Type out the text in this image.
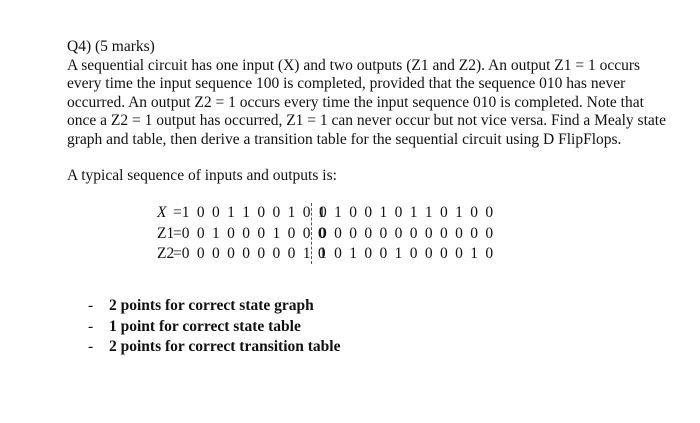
Q4) (5 marks)
A sequential circuit has one input (X) and two outputs (Z1 and Z2). An output Z1 = 1 occurs
every time the input sequence 100 is completed, provided that the sequence 010 has never
occurred. An output Z2 = 1 occurs every time the input sequence 010 is completed. Note that
once a Z2 = 1 output has occurred, Z1 = 1 can never occur but not vice versa. Find a Mealy state
graph and table, then derive a transition table for the sequential circuit using D FlipFlops.
A typical sequence of inputs and outputs is:
X=1 0 0 1 1 0 0 1 0 1
0 1 0 0 1 0 1 1 0 1 0 0
Z1=0 0 1 0 0 0 1 0 0 0
0 0 0 0 0 0 0 0 0 0 0 0
Z2=0 0 0 0 0 0 0 0 1 0
1 0 1 0 0 1 0 0 0 0 1 0
- 2 points for correct state graph
- 1 point for correct state table
- 2 points for correct transition table
